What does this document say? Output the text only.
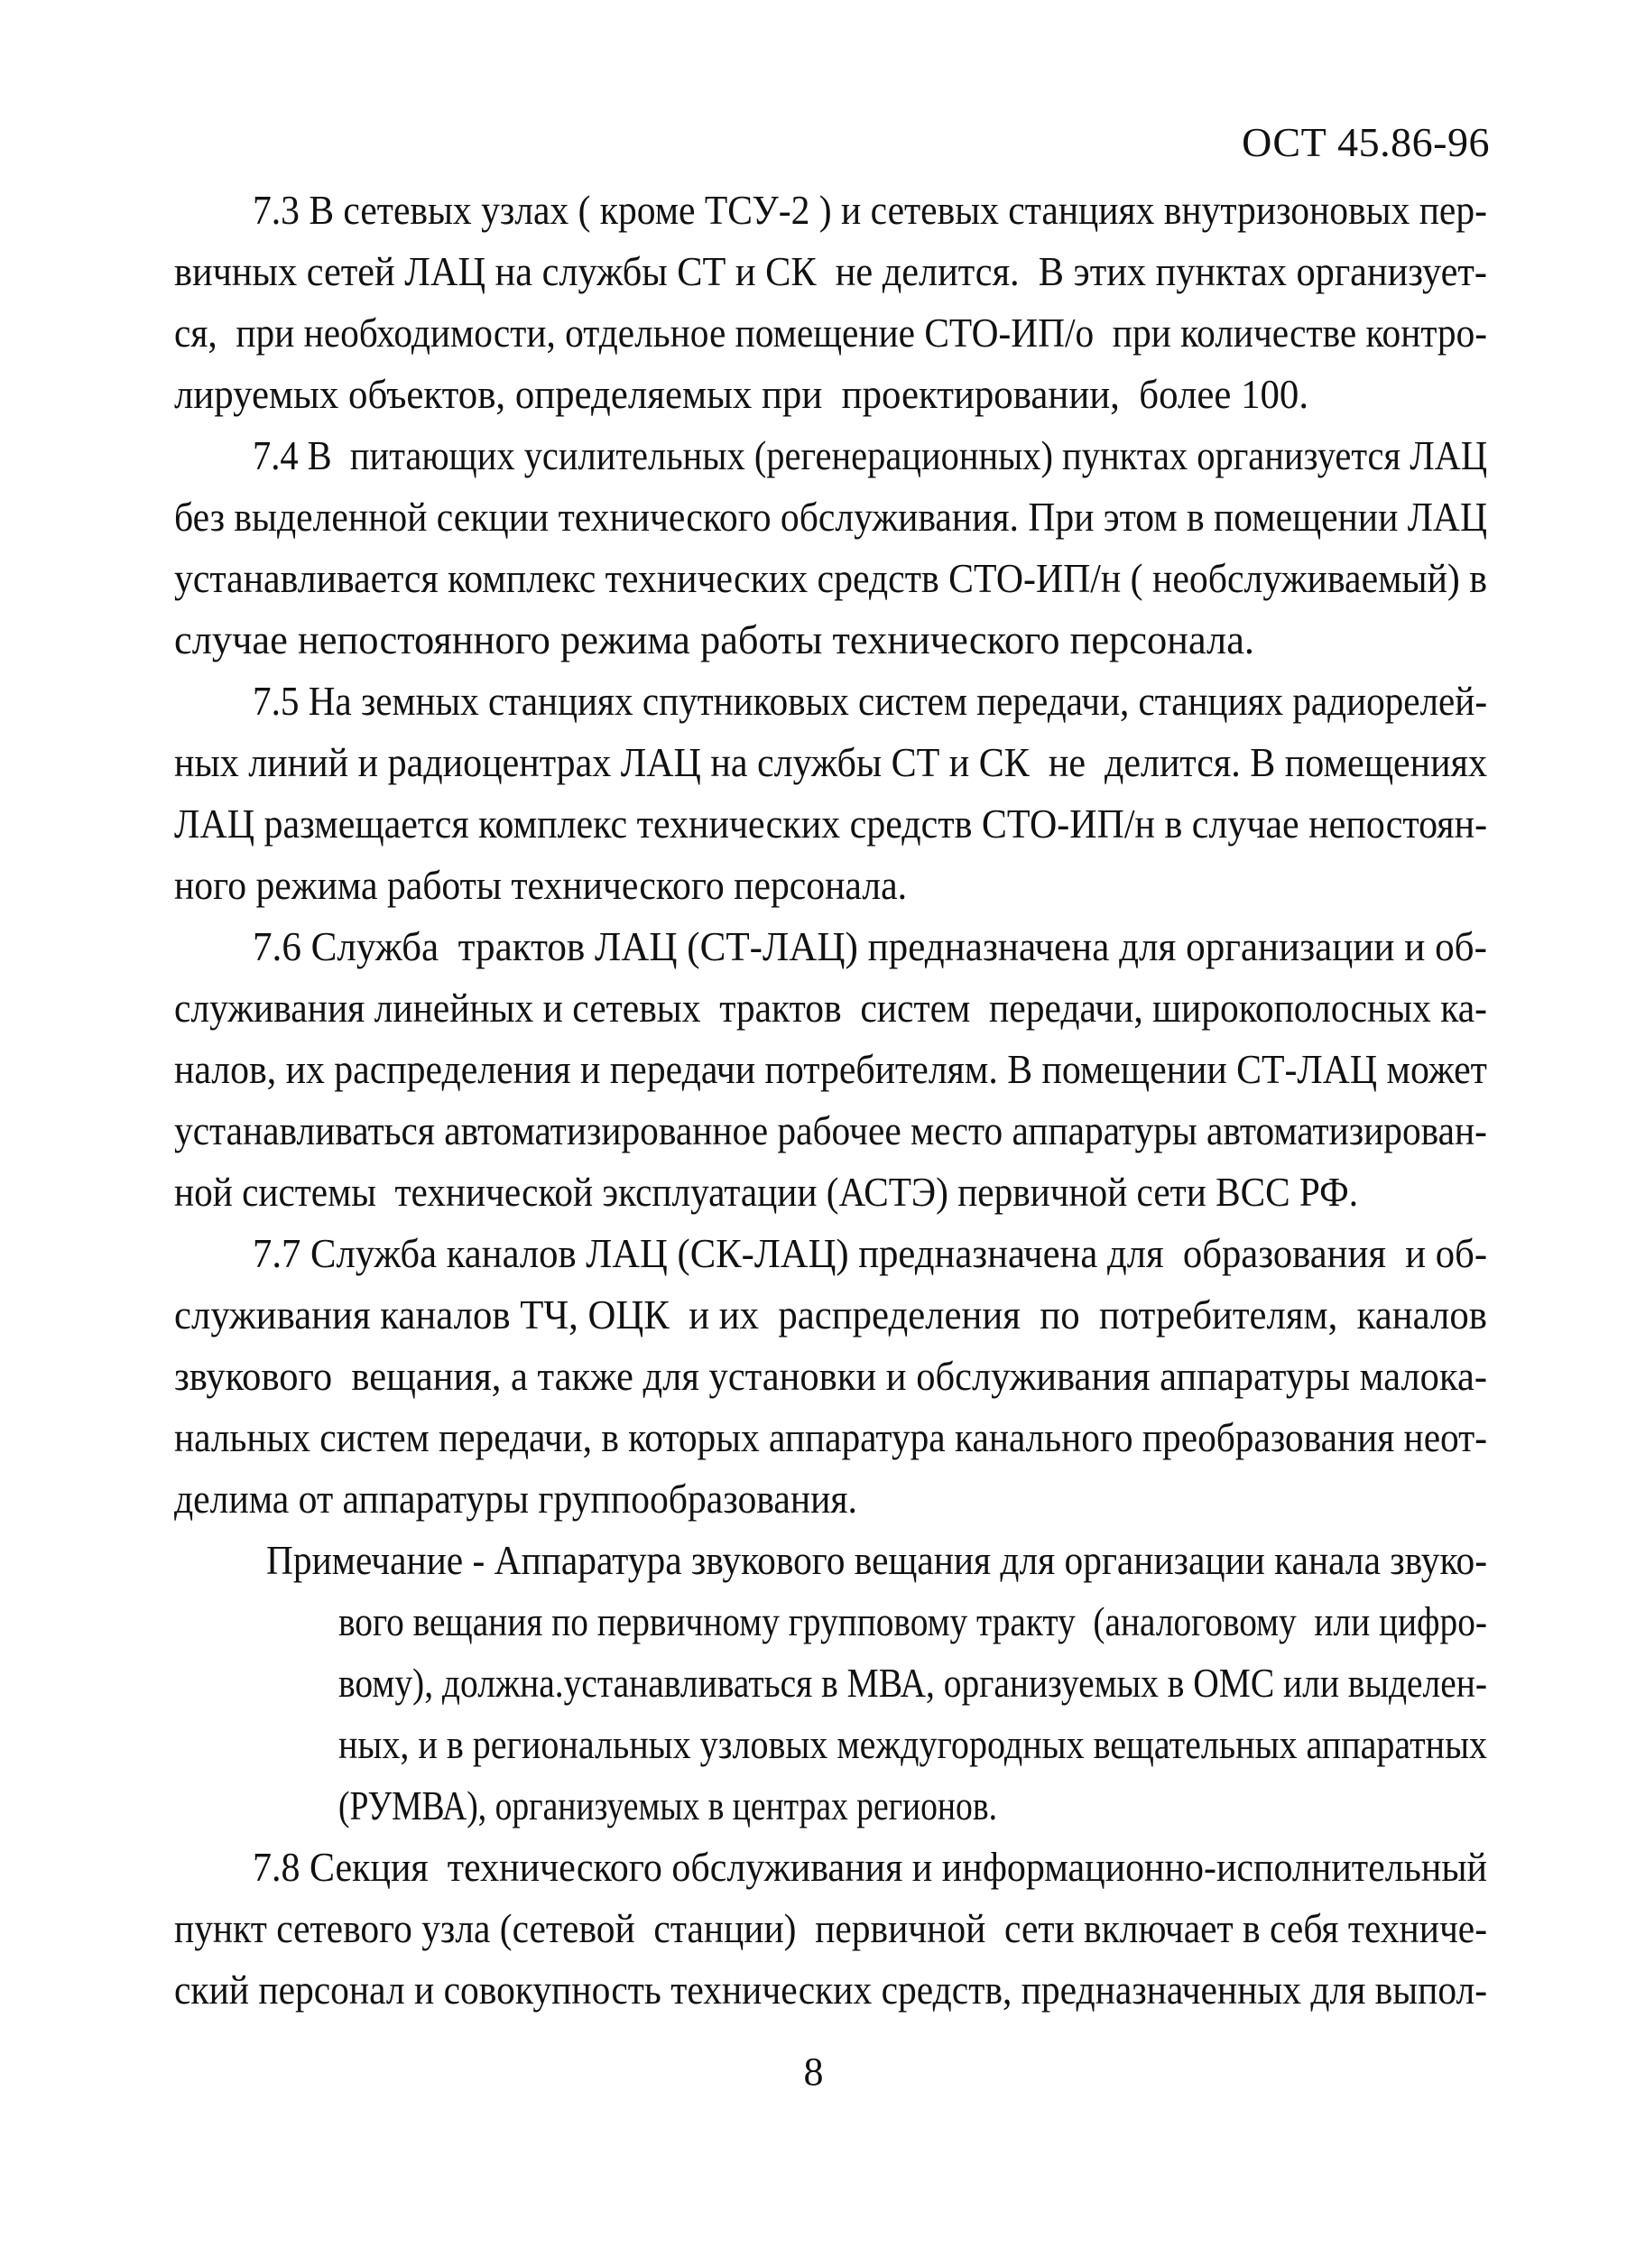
ОСТ 45.86-96
7.3 В сетевых узлах ( кроме ТСУ-2 ) и сетевых станциях внутризоновых пер-
вичных сетей ЛАЦ на службы СТ и СК  не делится.  В этих пунктах организует-
ся,  при необходимости, отдельное помещение СТО-ИП/о  при количестве контро-
лируемых объектов, определяемых при  проектировании,  более 100.
7.4 В  питающих усилительных (регенерационных) пунктах организуется ЛАЦ
без выделенной секции технического обслуживания. При этом в помещении ЛАЦ
устанавливается комплекс технических средств СТО-ИП/н ( необслуживаемый) в
случае непостоянного режима работы технического персонала.
7.5 На земных станциях спутниковых систем передачи, станциях радиорелей-
ных линий и радиоцентрах ЛАЦ на службы СТ и СК  не  делится. В помещениях
ЛАЦ размещается комплекс технических средств СТО-ИП/н в случае непостоян-
ного режима работы технического персонала.
7.6 Служба  трактов ЛАЦ (СТ-ЛАЦ) предназначена для организации и об-
служивания линейных и сетевых  трактов  систем  передачи, широкополосных ка-
налов, их распределения и передачи потребителям. В помещении СТ-ЛАЦ может
устанавливаться автоматизированное рабочее место аппаратуры автоматизирован-
ной системы  технической эксплуатации (АСТЭ) первичной сети ВСС РФ.
7.7 Служба каналов ЛАЦ (СК-ЛАЦ) предназначена для  образования  и об-
служивания каналов ТЧ, ОЦК  и их  распределения  по  потребителям,  каналов
звукового  вещания, а также для установки и обслуживания аппаратуры малока-
нальных систем передачи, в которых аппаратура канального преобразования неот-
делима от аппаратуры группообразования.
Примечание - Аппаратура звукового вещания для организации канала звуко-
вого вещания по первичному групповому тракту  (аналоговому  или цифро-
вому), должна.устанавливаться в МВА, организуемых в ОМС или выделен-
ных, и в региональных узловых междугородных вещательных аппаратных
(РУМВА), организуемых в центрах регионов.
7.8 Секция  технического обслуживания и информационно-исполнительный
пункт сетевого узла (сетевой  станции)  первичной  сети включает в себя техниче-
ский персонал и совокупность технических средств, предназначенных для выпол-
8
